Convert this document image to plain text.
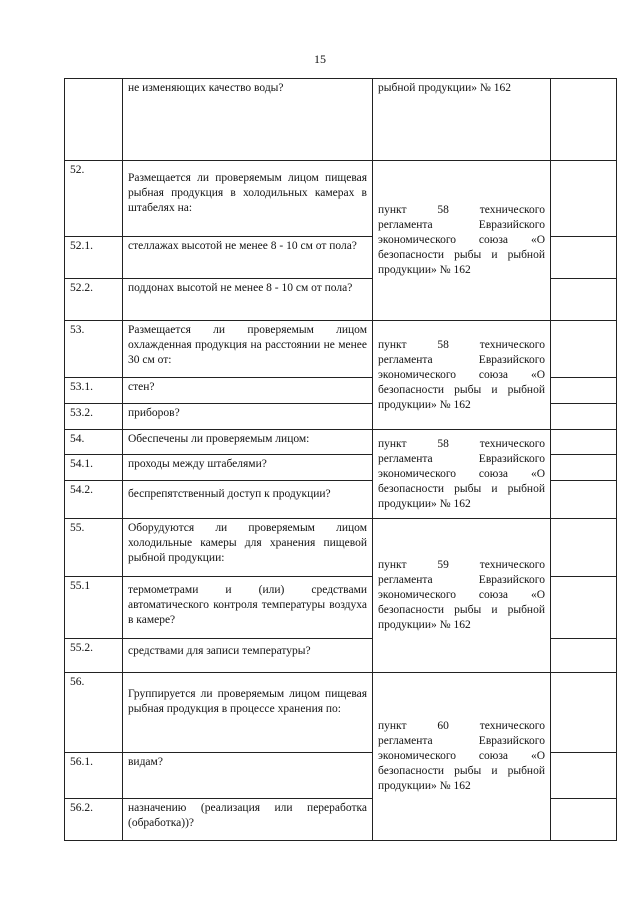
15
	не изменяющих качество воды?	рыбной продукции» № 162	
52.	Размещается ли проверяемым лицом пищевая рыбная продукция в холодильных камерах в штабелях на:	пункт 58 технического регламента Евразийского экономического союза «О безопасности рыбы и рыбной продукции» № 162	
52.1.	стеллажах высотой не менее 8 - 10 см от пола?		
52.2.	поддонах высотой не менее 8 - 10 см от пола?		
53.	Размещается ли проверяемым лицом охлажденная продукция на расстоянии не менее 30 см от:	пункт 58 технического регламента Евразийского экономического союза «О безопасности рыбы и рыбной продукции» № 162	
53.1.	стен?		
53.2.	приборов?		
54.	Обеспечены ли проверяемым лицом:	пункт 58 технического регламента Евразийского экономического союза «О безопасности рыбы и рыбной продукции» № 162	
54.1.	проходы между штабелями?		
54.2.	беспрепятственный доступ к продукции?		
55.	Оборудуются ли проверяемым лицом холодильные камеры для хранения пищевой рыбной продукции:	пункт 59 технического регламента Евразийского экономического союза «О безопасности рыбы и рыбной продукции» № 162	
55.1	термометрами и (или) средствами автоматического контроля температуры воздуха в камере?		
55.2.	средствами для записи температуры?		
56.	Группируется ли проверяемым лицом пищевая рыбная продукция в процессе хранения по:	пункт 60 технического регламента Евразийского экономического союза «О безопасности рыбы и рыбной продукции» № 162	
56.1.	видам?		
56.2.	назначению (реализация или переработка (обработка))?		
